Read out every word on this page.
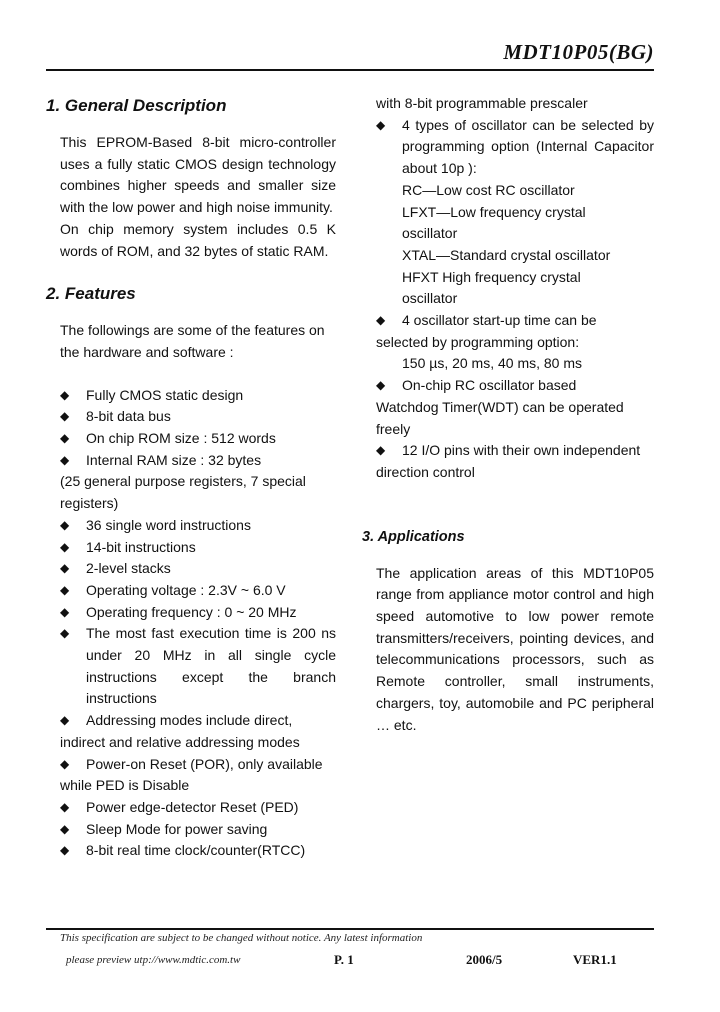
MDT10P05(BG)
1. General Description
This EPROM-Based 8-bit micro-controller uses a fully static CMOS design technology combines higher speeds and smaller size with the low power and high noise immunity.
On chip memory system includes 0.5 K words of ROM, and 32 bytes of static RAM.
2. Features
The followings are some of the features on the hardware and software :
◆	Fully CMOS static design
◆	8-bit data bus
◆	On chip ROM size : 512 words
◆	Internal RAM size : 32 bytes
(25 general purpose registers, 7 special registers)
◆	36 single word instructions
◆	14-bit instructions
◆	2-level stacks
◆	Operating voltage : 2.3V ~ 6.0 V
◆	Operating frequency : 0 ~ 20 MHz
◆	The most fast execution time is 200 ns under 20 MHz in all single cycle instructions except the branch instructions
◆	Addressing modes include direct,
indirect and relative addressing modes
◆	Power-on Reset (POR), only available
while PED is Disable
◆	Power edge-detector Reset (PED)
◆	Sleep Mode for power saving
◆	8-bit real time clock/counter(RTCC)
with 8-bit programmable prescaler
◆	4 types of oscillator can be selected by programming option (Internal Capacitor about 10p ):
RC—Low cost RC oscillator
LFXT—Low frequency crystal
oscillator
XTAL—Standard crystal oscillator
HFXT High frequency crystal
oscillator
◆	4 oscillator start-up time can be
selected by programming option:
150 µs, 20 ms, 40 ms, 80 ms
◆	On-chip RC oscillator based
Watchdog Timer(WDT) can be operated
freely
◆	12 I/O pins with their own independent
direction control
3. Applications
The application areas of this MDT10P05 range from appliance motor control and high speed automotive to low power remote transmitters/receivers, pointing devices, and telecommunications processors, such as Remote controller, small instruments, chargers, toy, automobile and PC peripheral … etc.
This specification are subject to be changed without notice. Any latest information
please preview utp://www.mdtic.com.tw	P. 1	2006/5	VER1.1
